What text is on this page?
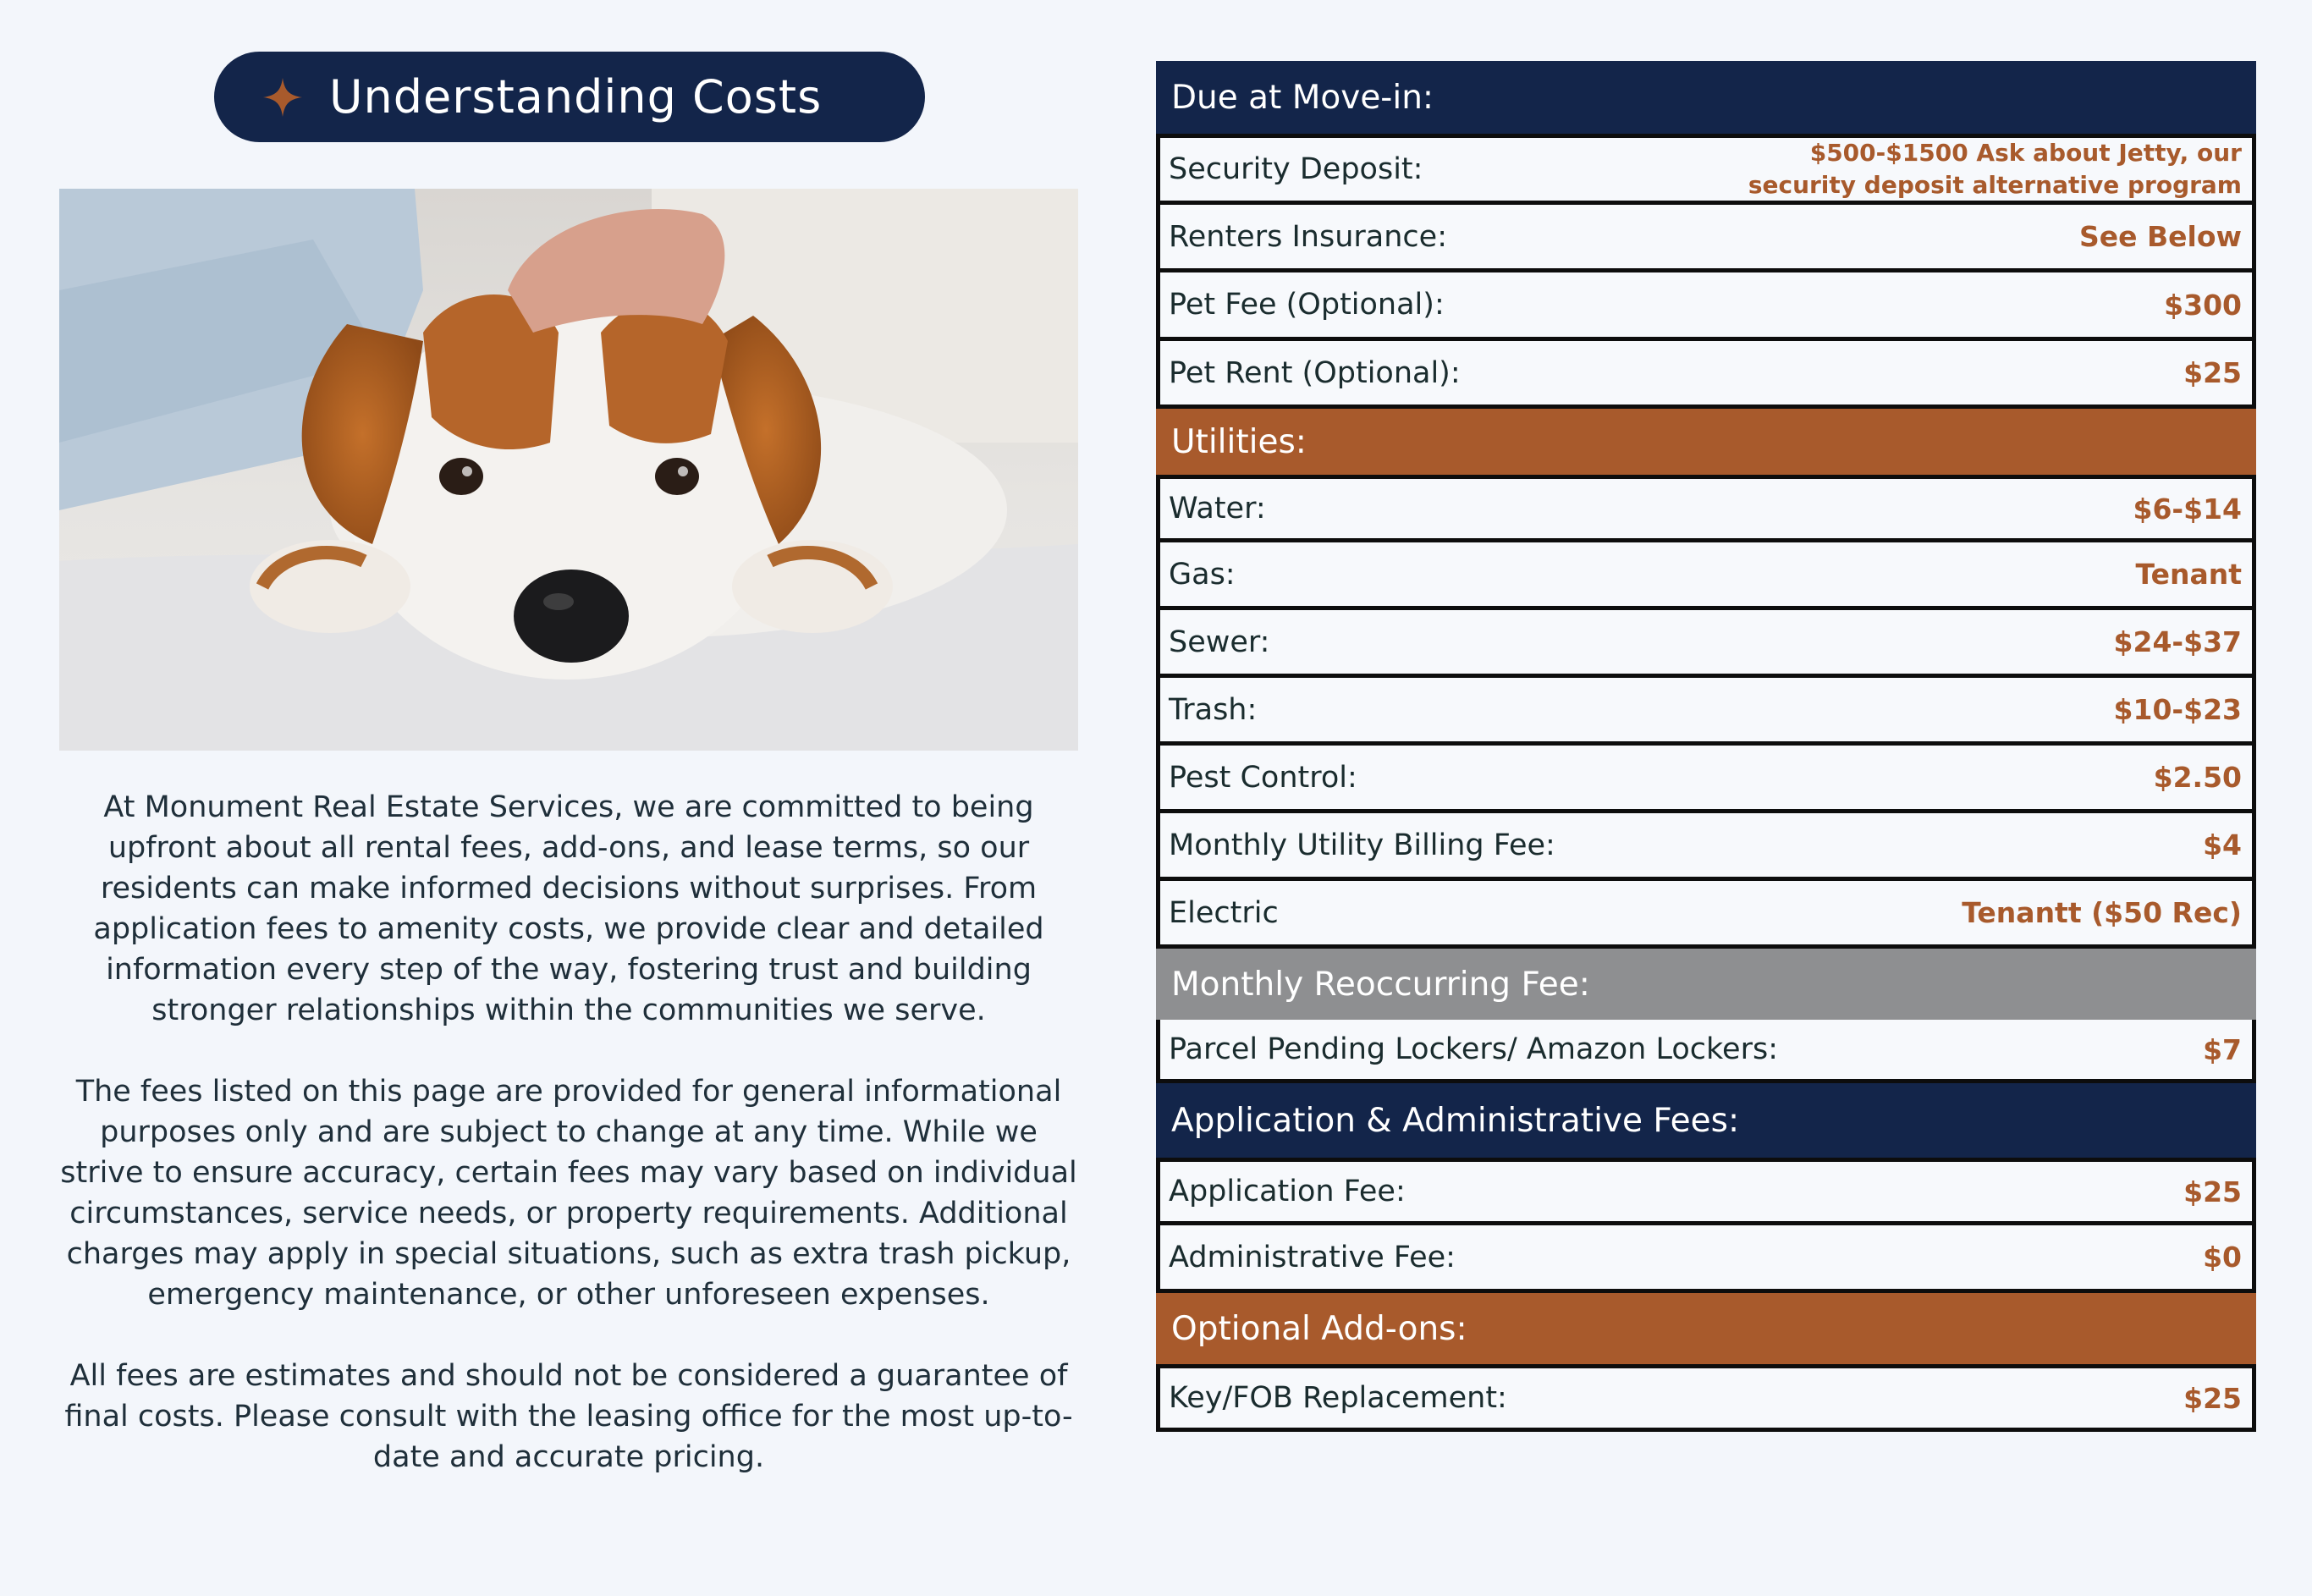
Understanding Costs

At Monument Real Estate Services, we are committed to being upfront about all rental fees, add-ons, and lease terms, so our residents can make informed decisions without surprises. From application fees to amenity costs, we provide clear and detailed information every step of the way, fostering trust and building stronger relationships within the communities we serve.

The fees listed on this page are provided for general informational purposes only and are subject to change at any time. While we strive to ensure accuracy, certain fees may vary based on individual circumstances, service needs, or property requirements. Additional charges may apply in special situations, such as extra trash pickup, emergency maintenance, or other unforeseen expenses.

All fees are estimates and should not be considered a guarantee of final costs. Please consult with the leasing office for the most up-to-date and accurate pricing.

Due at Move-in:
Security Deposit:	$500-$1500 Ask about Jetty, our security deposit alternative program
Renters Insurance:	See Below
Pet Fee (Optional):	$300
Pet Rent (Optional):	$25
Utilities:
Water:	$6-$14
Gas:	Tenant
Sewer:	$24-$37
Trash:	$10-$23
Pest Control:	$2.50
Monthly Utility Billing Fee:	$4
Electric	Tenantt ($50 Rec)
Monthly Reoccurring Fee:
Parcel Pending Lockers/ Amazon Lockers:	$7
Application & Administrative Fees:
Application Fee:	$25
Administrative Fee:	$0
Optional Add-ons:
Key/FOB Replacement:	$25
